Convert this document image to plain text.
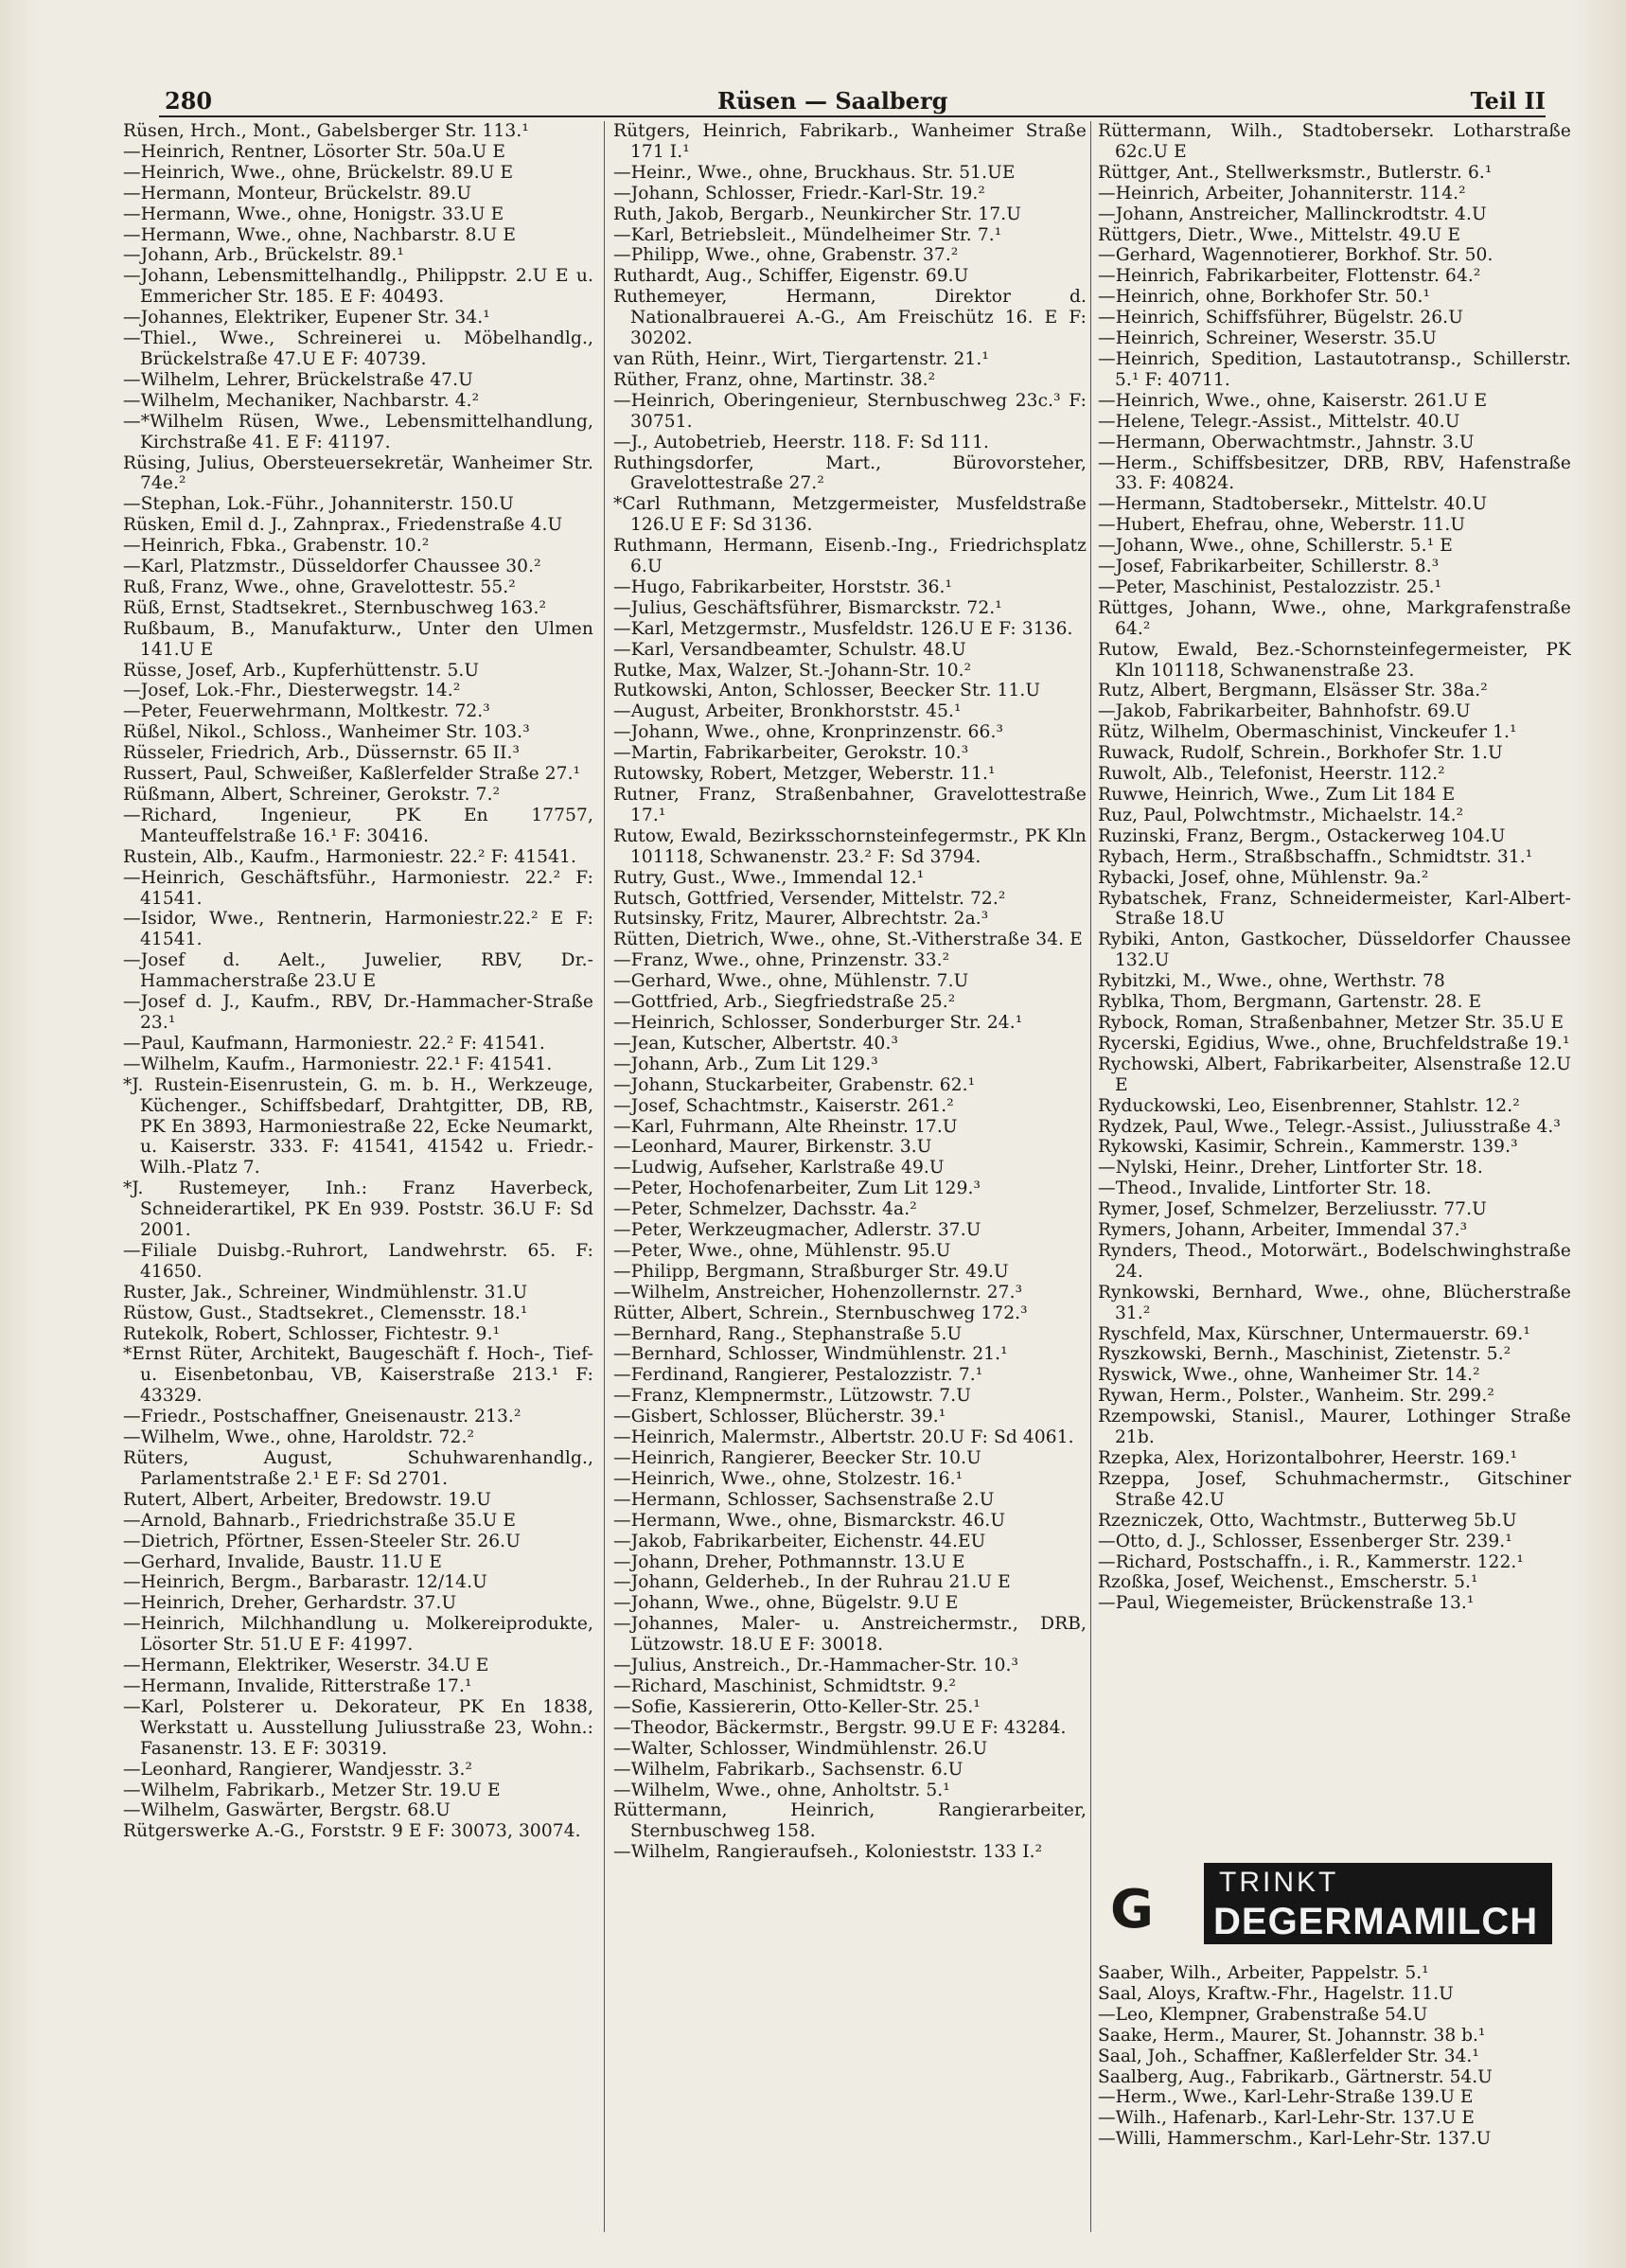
280	Rüsen — Saalberg	Teil II

Rüsen, Hrch., Mont., Gabelsberger Str. 113.¹

—Heinrich, Rentner, Lösorter Str. 50a.U E

—Heinrich, Wwe., ohne, Brückelstr. 89.U E

—Hermann, Monteur, Brückelstr. 89.U

—Hermann, Wwe., ohne, Honigstr. 33.U E

—Hermann, Wwe., ohne, Nachbarstr. 8.U E

—Johann, Arb., Brückelstr. 89.¹

—Johann, Lebensmittelhandlg., Philippstr. 2.U E u. Emmericher Str. 185. E F: 40493.

—Johannes, Elektriker, Eupener Str. 34.¹

—Thiel., Wwe., Schreinerei u. Möbelhandlg., Brückelstraße 47.U E F: 40739.

—Wilhelm, Lehrer, Brückelstraße 47.U

—Wilhelm, Mechaniker, Nachbarstr. 4.²

—*Wilhelm Rüsen, Wwe., Lebensmittelhandlung, Kirchstraße 41. E F: 41197.

Rüsing, Julius, Obersteuersekretär, Wanheimer Str. 74e.²

—Stephan, Lok.-Führ., Johanniterstr. 150.U

Rüsken, Emil d. J., Zahnprax., Friedenstraße 4.U

—Heinrich, Fbka., Grabenstr. 10.²

—Karl, Platzmstr., Düsseldorfer Chaussee 30.²

Ruß, Franz, Wwe., ohne, Gravelottestr. 55.²

Rüß, Ernst, Stadtsekret., Sternbuschweg 163.²

Rußbaum, B., Manufakturw., Unter den Ulmen 141.U E

Rüsse, Josef, Arb., Kupferhüttenstr. 5.U

—Josef, Lok.-Fhr., Diesterwegstr. 14.²

—Peter, Feuerwehrmann, Moltkestr. 72.³

Rüßel, Nikol., Schloss., Wanheimer Str. 103.³

Rüsseler, Friedrich, Arb., Düssernstr. 65 II.³

Russert, Paul, Schweißer, Kaßlerfelder Straße 27.¹

Rüßmann, Albert, Schreiner, Gerokstr. 7.²

—Richard, Ingenieur, PK En 17757, Manteuffelstraße 16.¹ F: 30416.

Rustein, Alb., Kaufm., Harmoniestr. 22.² F: 41541.

—Heinrich, Geschäftsführ., Harmoniestr. 22.² F: 41541.

—Isidor, Wwe., Rentnerin, Harmoniestr.22.² E F: 41541.

—Josef d. Aelt., Juwelier, RBV, Dr.-Hammacherstraße 23.U E

—Josef d. J., Kaufm., RBV, Dr.-Hammacher-Straße 23.¹

—Paul, Kaufmann, Harmoniestr. 22.² F: 41541.

—Wilhelm, Kaufm., Harmoniestr. 22.¹ F: 41541.

*J. Rustein-Eisenrustein, G. m. b. H., Werkzeuge, Küchenger., Schiffsbedarf, Drahtgitter, DB, RB, PK En 3893, Harmoniestraße 22, Ecke Neumarkt, u. Kaiserstr. 333. F: 41541, 41542 u. Friedr.-Wilh.-Platz 7.

*J. Rustemeyer, Inh.: Franz Haverbeck, Schneiderartikel, PK En 939. Poststr. 36.U F: Sd 2001.

—Filiale Duisbg.-Ruhrort, Landwehrstr. 65. F: 41650.

Ruster, Jak., Schreiner, Windmühlenstr. 31.U

Rüstow, Gust., Stadtsekret., Clemensstr. 18.¹

Rutekolk, Robert, Schlosser, Fichtestr. 9.¹

*Ernst Rüter, Architekt, Baugeschäft f. Hoch-, Tief- u. Eisenbetonbau, VB, Kaiserstraße 213.¹ F: 43329.

—Friedr., Postschaffner, Gneisenaustr. 213.²

—Wilhelm, Wwe., ohne, Haroldstr. 72.²

Rüters, August, Schuhwarenhandlg., Parlamentstraße 2.¹ E F: Sd 2701.

Rutert, Albert, Arbeiter, Bredowstr. 19.U

—Arnold, Bahnarb., Friedrichstraße 35.U E

—Dietrich, Pförtner, Essen-Steeler Str. 26.U

—Gerhard, Invalide, Baustr. 11.U E

—Heinrich, Bergm., Barbarastr. 12/14.U

—Heinrich, Dreher, Gerhardstr. 37.U

—Heinrich, Milchhandlung u. Molkereiprodukte, Lösorter Str. 51.U E F: 41997.

—Hermann, Elektriker, Weserstr. 34.U E

—Hermann, Invalide, Ritterstraße 17.¹

—Karl, Polsterer u. Dekorateur, PK En 1838, Werkstatt u. Ausstellung Juliusstraße 23, Wohn.: Fasanenstr. 13. E F: 30319.

—Leonhard, Rangierer, Wandjesstr. 3.²

—Wilhelm, Fabrikarb., Metzer Str. 19.U E

—Wilhelm, Gaswärter, Bergstr. 68.U

Rütgerswerke A.-G., Forststr. 9 E F: 30073, 30074.

Rütgers, Heinrich, Fabrikarb., Wanheimer Straße 171 I.¹

—Heinr., Wwe., ohne, Bruckhaus. Str. 51.UE

—Johann, Schlosser, Friedr.-Karl-Str. 19.²

Ruth, Jakob, Bergarb., Neunkircher Str. 17.U

—Karl, Betriebsleit., Mündelheimer Str. 7.¹

—Philipp, Wwe., ohne, Grabenstr. 37.²

Ruthardt, Aug., Schiffer, Eigenstr. 69.U

Ruthemeyer, Hermann, Direktor d. Nationalbrauerei A.-G., Am Freischütz 16. E F: 30202.

van Rüth, Heinr., Wirt, Tiergartenstr. 21.¹

Rüther, Franz, ohne, Martinstr. 38.²

—Heinrich, Oberingenieur, Sternbuschweg 23c.³ F: 30751.

—J., Autobetrieb, Heerstr. 118. F: Sd 111.

Ruthingsdorfer, Mart., Bürovorsteher, Gravelottestraße 27.²

*Carl Ruthmann, Metzgermeister, Musfeldstraße 126.U E F: Sd 3136.

Ruthmann, Hermann, Eisenb.-Ing., Friedrichsplatz 6.U

—Hugo, Fabrikarbeiter, Horststr. 36.¹

—Julius, Geschäftsführer, Bismarckstr. 72.¹

—Karl, Metzgermstr., Musfeldstr. 126.U E F: 3136.

—Karl, Versandbeamter, Schulstr. 48.U

Rutke, Max, Walzer, St.-Johann-Str. 10.²

Rutkowski, Anton, Schlosser, Beecker Str. 11.U

—August, Arbeiter, Bronkhorststr. 45.¹

—Johann, Wwe., ohne, Kronprinzenstr. 66.³

—Martin, Fabrikarbeiter, Gerokstr. 10.³

Rutowsky, Robert, Metzger, Weberstr. 11.¹

Rutner, Franz, Straßenbahner, Gravelottestraße 17.¹

Rutow, Ewald, Bezirksschornsteinfegermstr., PK Kln 101118, Schwanenstr. 23.² F: Sd 3794.

Rutry, Gust., Wwe., Immendal 12.¹

Rutsch, Gottfried, Versender, Mittelstr. 72.²

Rutsinsky, Fritz, Maurer, Albrechtstr. 2a.³

Rütten, Dietrich, Wwe., ohne, St.-Vitherstraße 34. E

—Franz, Wwe., ohne, Prinzenstr. 33.²

—Gerhard, Wwe., ohne, Mühlenstr. 7.U

—Gottfried, Arb., Siegfriedstraße 25.²

—Heinrich, Schlosser, Sonderburger Str. 24.¹

—Jean, Kutscher, Albertstr. 40.³

—Johann, Arb., Zum Lit 129.³

—Johann, Stuckarbeiter, Grabenstr. 62.¹

—Josef, Schachtmstr., Kaiserstr. 261.²

—Karl, Fuhrmann, Alte Rheinstr. 17.U

—Leonhard, Maurer, Birkenstr. 3.U

—Ludwig, Aufseher, Karlstraße 49.U

—Peter, Hochofenarbeiter, Zum Lit 129.³

—Peter, Schmelzer, Dachsstr. 4a.²

—Peter, Werkzeugmacher, Adlerstr. 37.U

—Peter, Wwe., ohne, Mühlenstr. 95.U

—Philipp, Bergmann, Straßburger Str. 49.U

—Wilhelm, Anstreicher, Hohenzollernstr. 27.³

Rütter, Albert, Schrein., Sternbuschweg 172.³

—Bernhard, Rang., Stephanstraße 5.U

—Bernhard, Schlosser, Windmühlenstr. 21.¹

—Ferdinand, Rangierer, Pestalozzistr. 7.¹

—Franz, Klempnermstr., Lützowstr. 7.U

—Gisbert, Schlosser, Blücherstr. 39.¹

—Heinrich, Malermstr., Albertstr. 20.U F: Sd 4061.

—Heinrich, Rangierer, Beecker Str. 10.U

—Heinrich, Wwe., ohne, Stolzestr. 16.¹

—Hermann, Schlosser, Sachsenstraße 2.U

—Hermann, Wwe., ohne, Bismarckstr. 46.U

—Jakob, Fabrikarbeiter, Eichenstr. 44.EU

—Johann, Dreher, Pothmannstr. 13.U E

—Johann, Gelderheb., In der Ruhrau 21.U E

—Johann, Wwe., ohne, Bügelstr. 9.U E

—Johannes, Maler- u. Anstreichermstr., DRB, Lützowstr. 18.U E F: 30018.

—Julius, Anstreich., Dr.-Hammacher-Str. 10.³

—Richard, Maschinist, Schmidtstr. 9.²

—Sofie, Kassiererin, Otto-Keller-Str. 25.¹

—Theodor, Bäckermstr., Bergstr. 99.U E F: 43284.

—Walter, Schlosser, Windmühlenstr. 26.U

—Wilhelm, Fabrikarb., Sachsenstr. 6.U

—Wilhelm, Wwe., ohne, Anholtstr. 5.¹

Rüttermann, Heinrich, Rangierarbeiter, Sternbuschweg 158.

—Wilhelm, Rangieraufseh., Kolonieststr. 133 I.²

Rüttermann, Wilh., Stadtobersekr. Lotharstraße 62c.U E

Rüttger, Ant., Stellwerksmstr., Butlerstr. 6.¹

—Heinrich, Arbeiter, Johanniterstr. 114.²

—Johann, Anstreicher, Mallinckrodtstr. 4.U

Rüttgers, Dietr., Wwe., Mittelstr. 49.U E

—Gerhard, Wagennotierer, Borkhof. Str. 50.

—Heinrich, Fabrikarbeiter, Flottenstr. 64.²

—Heinrich, ohne, Borkhofer Str. 50.¹

—Heinrich, Schiffsführer, Bügelstr. 26.U

—Heinrich, Schreiner, Weserstr. 35.U

—Heinrich, Spedition, Lastautotransp., Schillerstr. 5.¹ F: 40711.

—Heinrich, Wwe., ohne, Kaiserstr. 261.U E

—Helene, Telegr.-Assist., Mittelstr. 40.U

—Hermann, Oberwachtmstr., Jahnstr. 3.U

—Herm., Schiffsbesitzer, DRB, RBV, Hafenstraße 33. F: 40824.

—Hermann, Stadtobersekr., Mittelstr. 40.U

—Hubert, Ehefrau, ohne, Weberstr. 11.U

—Johann, Wwe., ohne, Schillerstr. 5.¹ E

—Josef, Fabrikarbeiter, Schillerstr. 8.³

—Peter, Maschinist, Pestalozzistr. 25.¹

Rüttges, Johann, Wwe., ohne, Markgrafenstraße 64.²

Rutow, Ewald, Bez.-Schornsteinfegermeister, PK Kln 101118, Schwanenstraße 23.

Rutz, Albert, Bergmann, Elsässer Str. 38a.²

—Jakob, Fabrikarbeiter, Bahnhofstr. 69.U

Rütz, Wilhelm, Obermaschinist, Vinckeufer 1.¹

Ruwack, Rudolf, Schrein., Borkhofer Str. 1.U

Ruwolt, Alb., Telefonist, Heerstr. 112.²

Ruwwe, Heinrich, Wwe., Zum Lit 184 E

Ruz, Paul, Polwchtmstr., Michaelstr. 14.²

Ruzinski, Franz, Bergm., Ostackerweg 104.U

Rybach, Herm., Straßbschaffn., Schmidtstr. 31.¹

Rybacki, Josef, ohne, Mühlenstr. 9a.²

Rybatschek, Franz, Schneidermeister, Karl-Albert-Straße 18.U

Rybiki, Anton, Gastkocher, Düsseldorfer Chaussee 132.U

Rybitzki, M., Wwe., ohne, Werthstr. 78

Ryblka, Thom, Bergmann, Gartenstr. 28. E

Rybock, Roman, Straßenbahner, Metzer Str. 35.U E

Rycerski, Egidius, Wwe., ohne, Bruchfeldstraße 19.¹

Rychowski, Albert, Fabrikarbeiter, Alsenstraße 12.U E

Ryduckowski, Leo, Eisenbrenner, Stahlstr. 12.²

Rydzek, Paul, Wwe., Telegr.-Assist., Juliusstraße 4.³

Rykowski, Kasimir, Schrein., Kammerstr. 139.³

—Nylski, Heinr., Dreher, Lintforter Str. 18.

—Theod., Invalide, Lintforter Str. 18.

Rymer, Josef, Schmelzer, Berzeliusstr. 77.U

Rymers, Johann, Arbeiter, Immendal 37.³

Rynders, Theod., Motorwärt., Bodelschwinghstraße 24.

Rynkowski, Bernhard, Wwe., ohne, Blücherstraße 31.²

Ryschfeld, Max, Kürschner, Untermauerstr. 69.¹

Ryszkowski, Bernh., Maschinist, Zietenstr. 5.²

Ryswick, Wwe., ohne, Wanheimer Str. 14.²

Rywan, Herm., Polster., Wanheim. Str. 299.²

Rzempowski, Stanisl., Maurer, Lothinger Straße 21b.

Rzepka, Alex, Horizontalbohrer, Heerstr. 169.¹

Rzeppa, Josef, Schuhmachermstr., Gitschiner Straße 42.U

Rzezniczek, Otto, Wachtmstr., Butterweg 5b.U

—Otto, d. J., Schlosser, Essenberger Str. 239.¹

—Richard, Postschaffn., i. R., Kammerstr. 122.¹

Rzoßka, Josef, Weichenst., Emscherstr. 5.¹

—Paul, Wiegemeister, Brückenstraße 13.¹

G	TRINKT
DEGERMAMILCH

Saaber, Wilh., Arbeiter, Pappelstr. 5.¹

Saal, Aloys, Kraftw.-Fhr., Hagelstr. 11.U

—Leo, Klempner, Grabenstraße 54.U

Saake, Herm., Maurer, St. Johannstr. 38 b.¹

Saal, Joh., Schaffner, Kaßlerfelder Str. 34.¹

Saalberg, Aug., Fabrikarb., Gärtnerstr. 54.U

—Herm., Wwe., Karl-Lehr-Straße 139.U E

—Wilh., Hafenarb., Karl-Lehr-Str. 137.U E

—Willi, Hammerschm., Karl-Lehr-Str. 137.U
